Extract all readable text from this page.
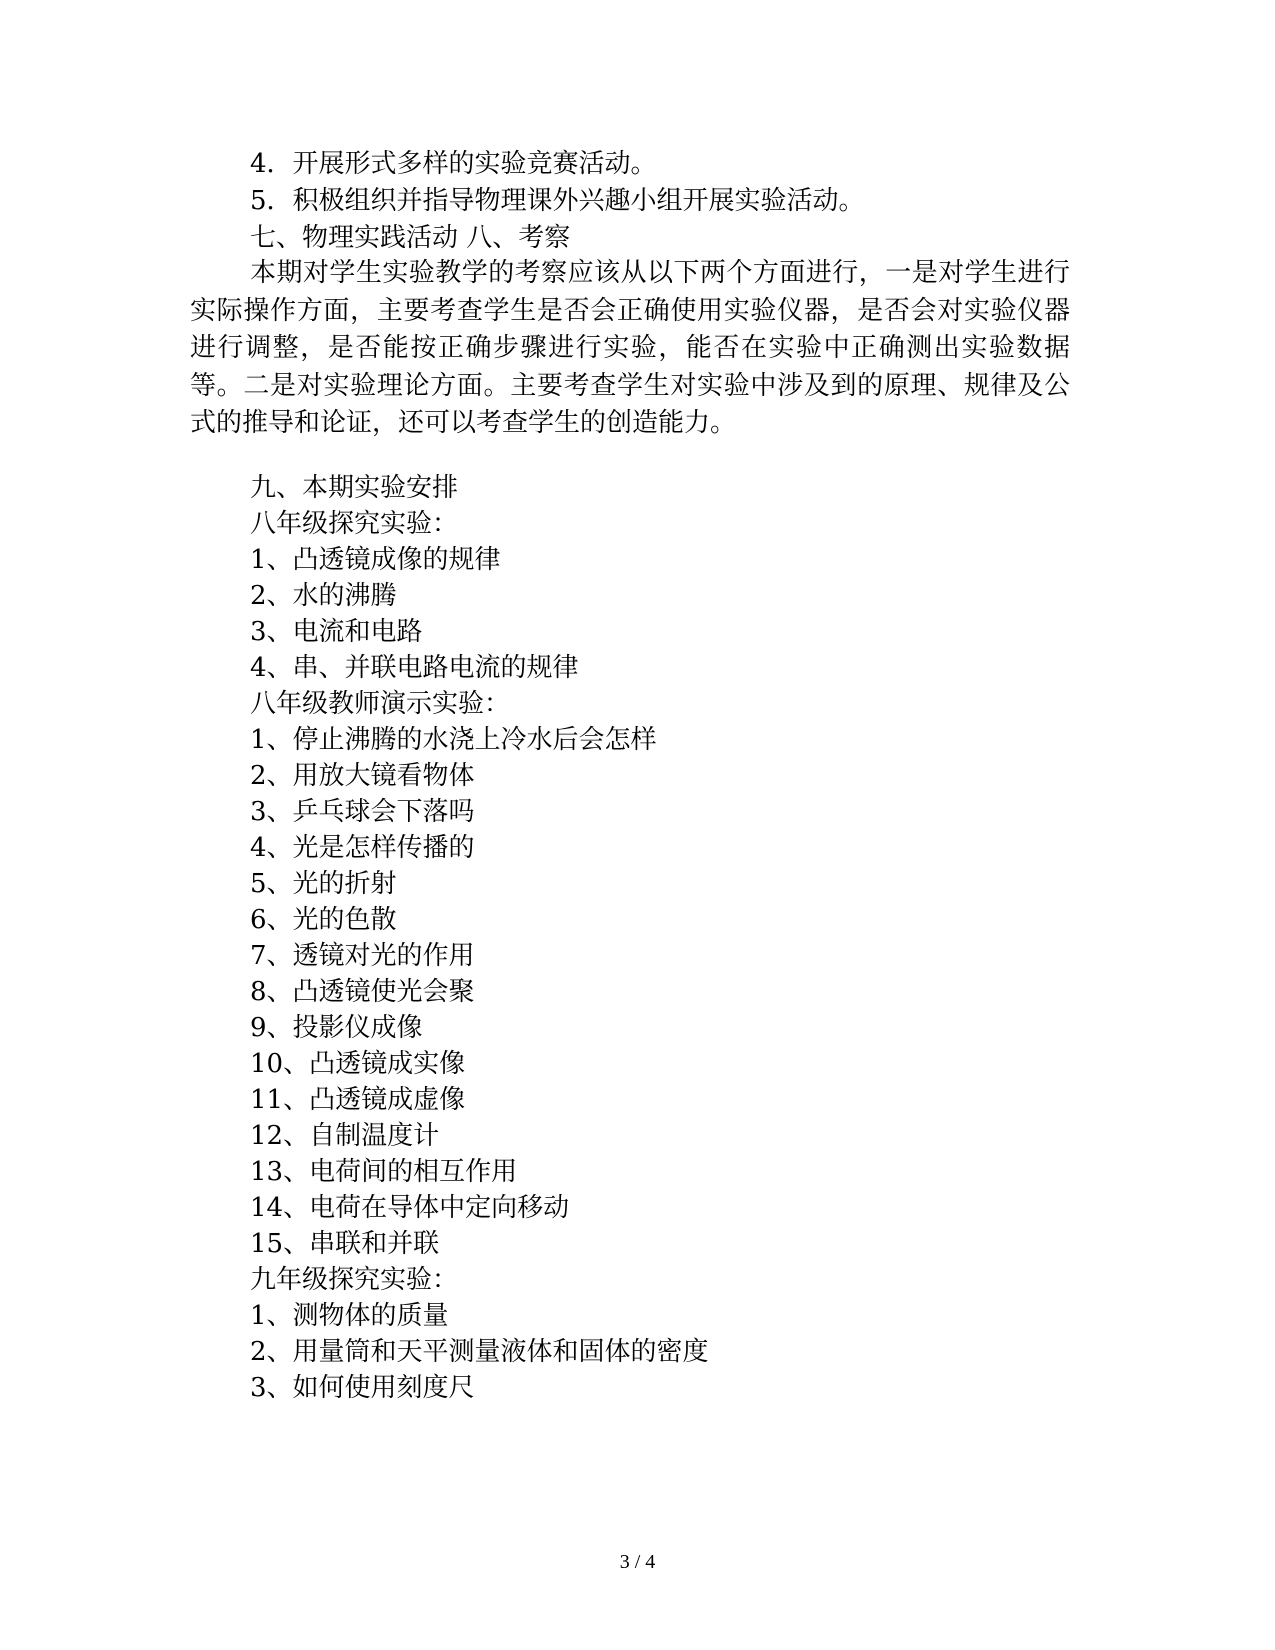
4．开展形式多样的实验竞赛活动。
5．积极组织并指导物理课外兴趣小组开展实验活动。
七、物理实践活动 八、考察
本期对学生实验教学的考察应该从以下两个方面进行，一是对学生进行实际操作方面，主要考查学生是否会正确使用实验仪器，是否会对实验仪器进行调整，是否能按正确步骤进行实验，能否在实验中正确测出实验数据等。二是对实验理论方面。主要考查学生对实验中涉及到的原理、规律及公式的推导和论证，还可以考查学生的创造能力。
九、本期实验安排
八年级探究实验：
1、凸透镜成像的规律
2、水的沸腾
3、电流和电路
4、串、并联电路电流的规律
八年级教师演示实验：
1、停止沸腾的水浇上冷水后会怎样
2、用放大镜看物体
3、乒乓球会下落吗
4、光是怎样传播的
5、光的折射
6、光的色散
7、透镜对光的作用
8、凸透镜使光会聚
9、投影仪成像
10、凸透镜成实像
11、凸透镜成虚像
12、自制温度计
13、电荷间的相互作用
14、电荷在导体中定向移动
15、串联和并联
九年级探究实验：
1、测物体的质量
2、用量筒和天平测量液体和固体的密度
3、如何使用刻度尺
3 / 4
